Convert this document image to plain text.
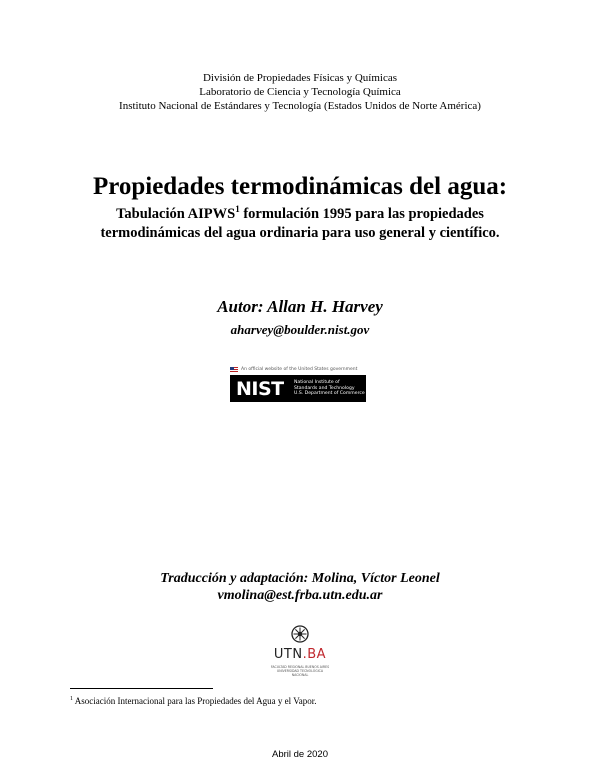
División de Propiedades Físicas y Químicas
Laboratorio de Ciencia y Tecnología Química
Instituto Nacional de Estándares y Tecnología (Estados Unidos de Norte América)
Propiedades termodinámicas del agua:
Tabulación AIPWS$^1$ formulación 1995 para las propiedades
termodinámicas del agua ordinaria para uso general y científico.
Autor: Allan H. Harvey
aharvey@boulder.nist.gov
An official website of the United States government
NIST	National Institute of
Standards and Technology
U.S. Department of Commerce
Traducción y adaptación: Molina, Víctor Leonel
vmolina@est.frba.utn.edu.ar
UTN.BA
FACULTAD REGIONAL BUENOS AIRES
UNIVERSIDAD TECNOLÓGICA NACIONAL
$^1$ Asociación Internacional para las Propiedades del Agua y el Vapor.
Abril de 2020
